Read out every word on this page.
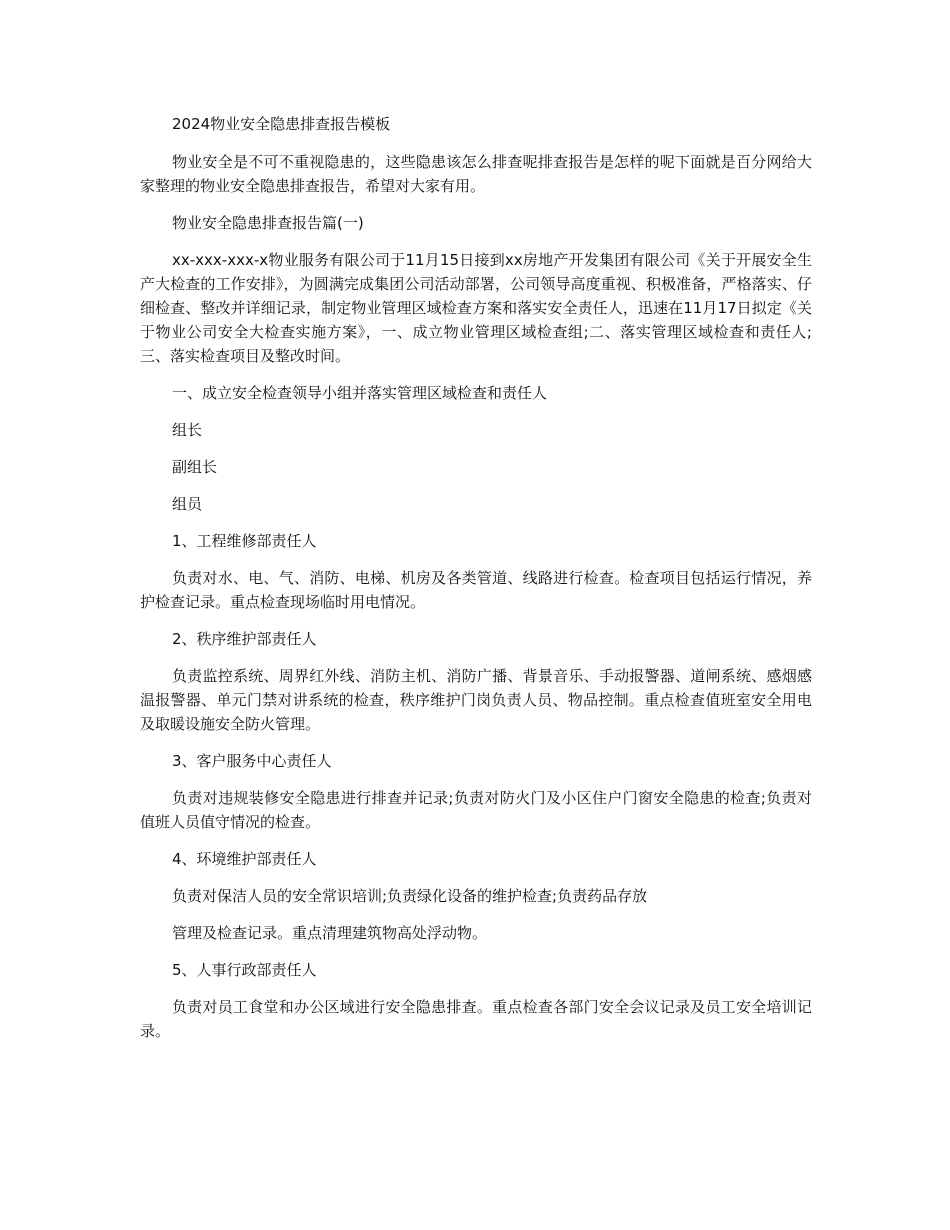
2024物业安全隐患排查报告模板

物业安全是不可不重视隐患的，这些隐患该怎么排查呢排查报告是怎样的呢下面就是百分网给大家整理的物业安全隐患排查报告，希望对大家有用。

物业安全隐患排查报告篇(一)

xx-xxx-xxx-x物业服务有限公司于11月15日接到xx房地产开发集团有限公司《关于开展安全生产大检查的工作安排》，为圆满完成集团公司活动部署，公司领导高度重视、积极准备，严格落实、仔细检查、整改并详细记录，制定物业管理区域检查方案和落实安全责任人，迅速在11月17日拟定《关于物业公司安全大检查实施方案》，一、成立物业管理区域检查组;二、落实管理区域检查和责任人;三、落实检查项目及整改时间。

一、成立安全检查领导小组并落实管理区域检查和责任人

组长

副组长

组员

1、工程维修部责任人

负责对水、电、气、消防、电梯、机房及各类管道、线路进行检查。检查项目包括运行情况，养护检查记录。重点检查现场临时用电情况。

2、秩序维护部责任人

负责监控系统、周界红外线、消防主机、消防广播、背景音乐、手动报警器、道闸系统、感烟感温报警器、单元门禁对讲系统的检查，秩序维护门岗负责人员、物品控制。重点检查值班室安全用电及取暖设施安全防火管理。

3、客户服务中心责任人

负责对违规装修安全隐患进行排查并记录;负责对防火门及小区住户门窗安全隐患的检查;负责对值班人员值守情况的检查。

4、环境维护部责任人

负责对保洁人员的安全常识培训;负责绿化设备的维护检查;负责药品存放

管理及检查记录。重点清理建筑物高处浮动物。

5、人事行政部责任人

负责对员工食堂和办公区域进行安全隐患排查。重点检查各部门安全会议记录及员工安全培训记录。
